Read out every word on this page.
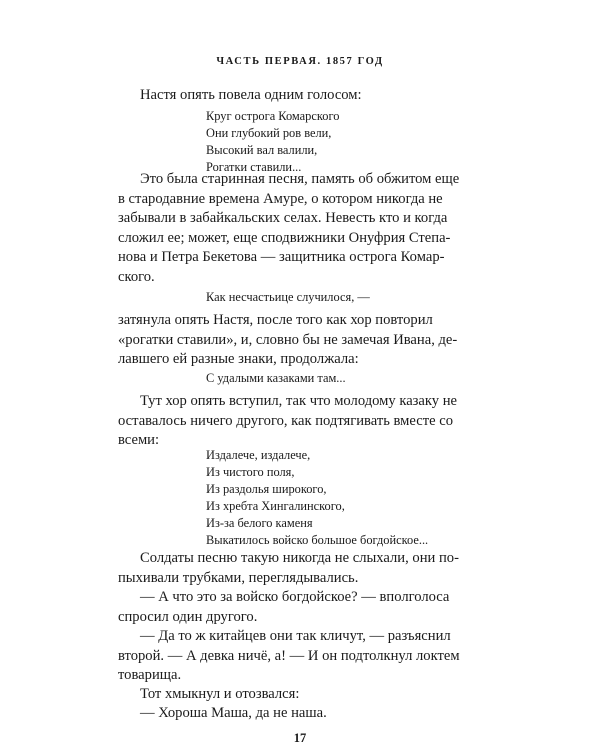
ЧАСТЬ ПЕРВАЯ. 1857 ГОД

Настя опять повела одним голосом:

Круг острога Комарского
Они глубокий ров вели,
Высокий вал валили,
Рогатки ставили...

Это была старинная песня, память об обжитом еще
в стародавние времена Амуре, о котором никогда не
забывали в забайкальских селах. Невесть кто и когда
сложил ее; может, еще сподвижники Онуфрия Степа-
нова и Петра Бекетова — защитника острога Комар-
ского.

Как несчастьице случилося, —

затянула опять Настя, после того как хор повторил
«рогатки ставили», и, словно бы не замечая Ивана, де-
лавшего ей разные знаки, продолжала:

С удалыми казаками там...

Тут хор опять вступил, так что молодому казаку не
оставалось ничего другого, как подтягивать вместе со
всеми:

Издалече, издалече,
Из чистого поля,
Из раздолья широкого,
Из хребта Хингалинского,
Из-за белого каменя
Выкатилось войско большое богдойское...

Солдаты песню такую никогда не слыхали, они по-
пыхивали трубками, переглядывались.

— А что это за войско богдойское? — вполголоса
спросил один другого.

— Да то ж китайцев они так кличут, — разъяснил
второй. — А девка ничё, а! — И он подтолкнул локтем
товарища.

Тот хмыкнул и отозвался:

— Хороша Маша, да не наша.

17
